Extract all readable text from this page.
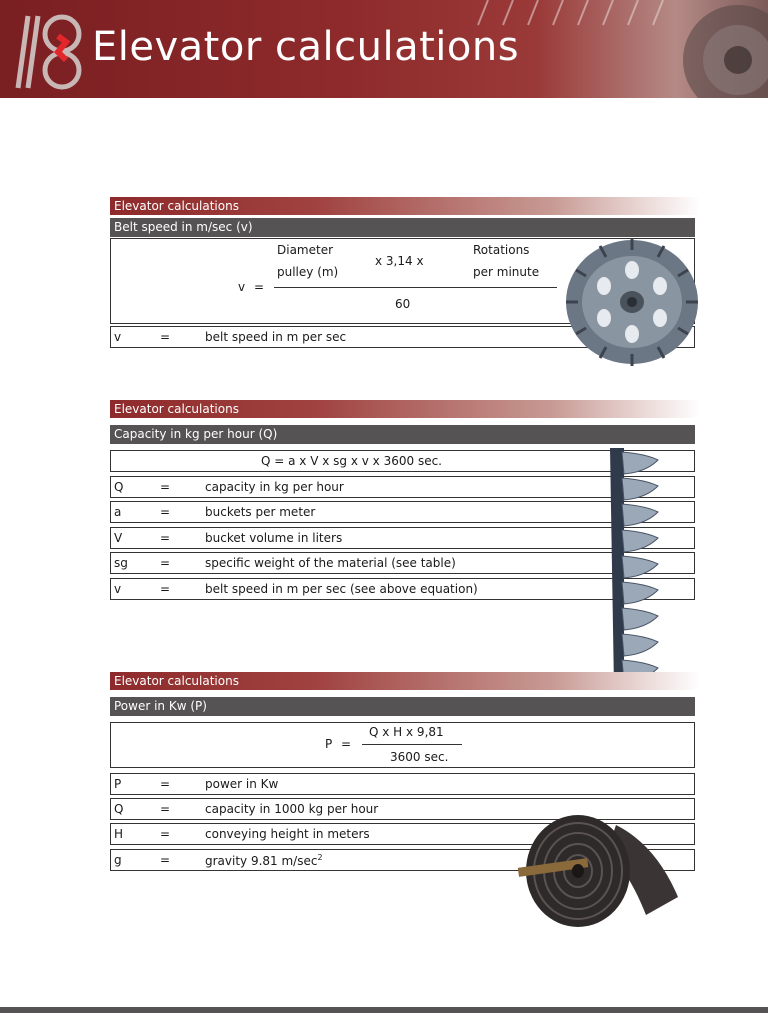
Elevator calculations
Elevator calculations
Belt speed in m/sec (v)
v =
Diameter
pulley (m)
x 3,14 x
Rotations
per minute
60
v	=	belt speed in m per sec
Elevator calculations
Capacity in kg per hour (Q)
Q = a x V x sg x v x 3600 sec.
Q	=	capacity in kg per hour
a	=	buckets per meter
V	=	bucket volume in liters
sg	=	specific weight of the material (see table)
v	=	belt speed in m per sec (see above equation)
Elevator calculations
Power in Kw (P)
P =
Q x H x 9,81
3600 sec.
P	=	power in Kw
Q	=	capacity in 1000 kg per hour
H	=	conveying height in meters
g	=	gravity 9.81 $m/\sec^2$
